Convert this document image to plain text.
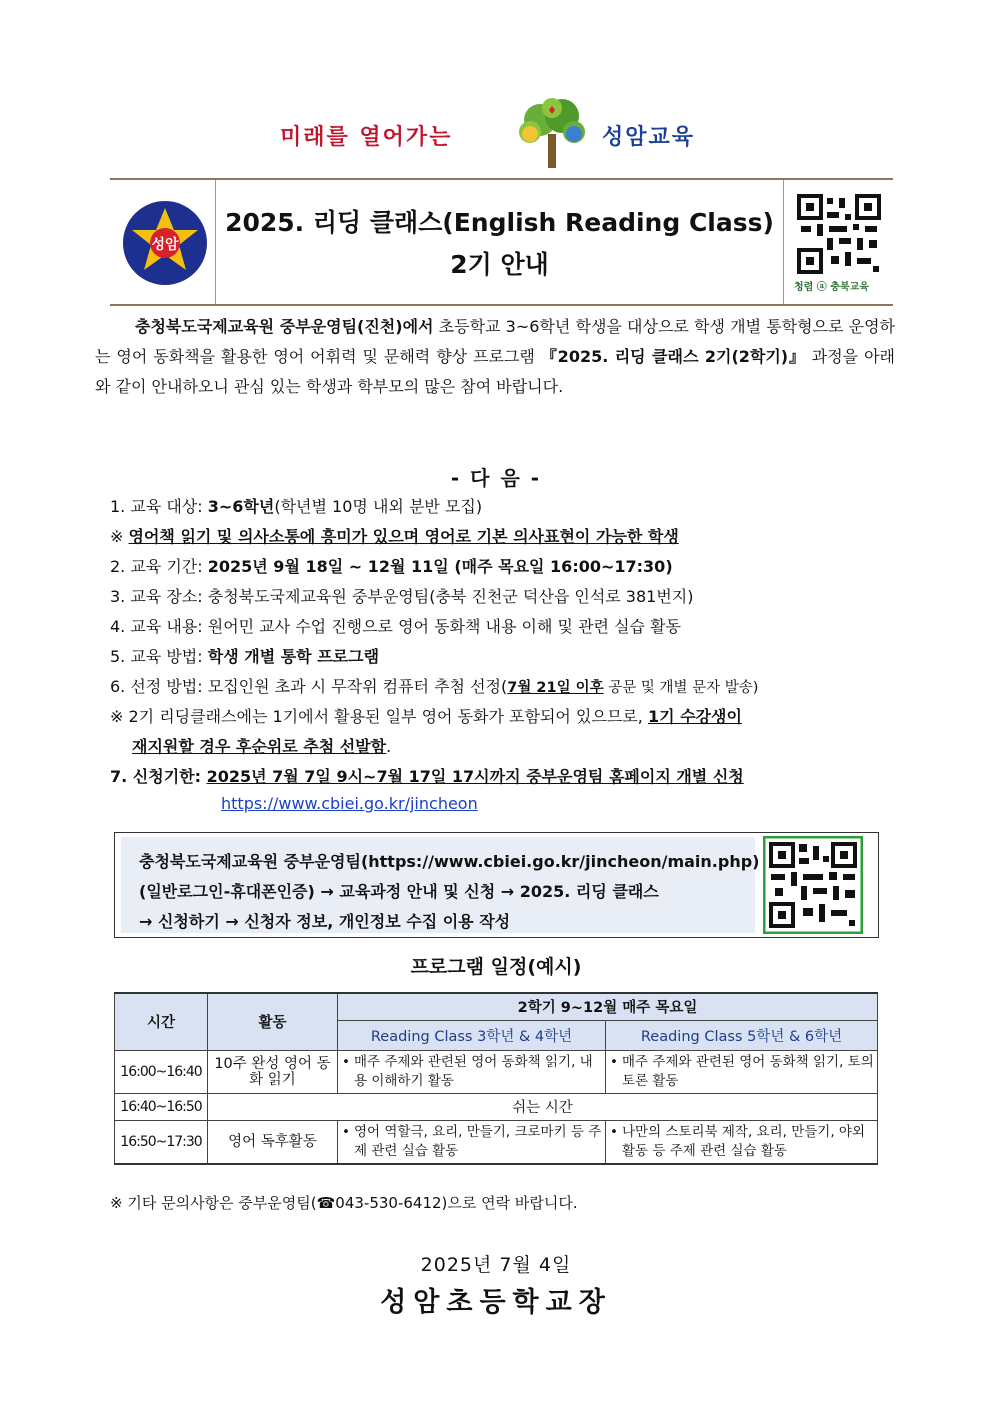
미래를 열어가는	성암교육
성암
2025. 리딩 클래스(English Reading Class)
2기 안내
청렴 ⓐ 충북교육

충청북도국제교육원 중부운영팀(진천)에서 초등학교 3~6학년 학생을 대상으로 학생 개별 통학형으로 운영하는 영어 동화책을 활용한 영어 어휘력 및 문해력 향상 프로그램 『2025. 리딩 클래스 2기(2학기)』 과정을 아래와 같이 안내하오니 관심 있는 학생과 학부모의 많은 참여 바랍니다.

- 다 음 -
1. 교육 대상: 3~6학년(학년별 10명 내외 분반 모집)
※ 영어책 읽기 및 의사소통에 흥미가 있으며 영어로 기본 의사표현이 가능한 학생
2. 교육 기간: 2025년 9월 18일 ~ 12월 11일 (매주 목요일 16:00~17:30)
3. 교육 장소: 충청북도국제교육원 중부운영팀(충북 진천군 덕산읍 인석로 381번지)
4. 교육 내용: 원어민 교사 수업 진행으로 영어 동화책 내용 이해 및 관련 실습 활동
5. 교육 방법: 학생 개별 통학 프로그램
6. 선정 방법: 모집인원 초과 시 무작위 컴퓨터 추첨 선정(7월 21일 이후 공문 및 개별 문자 발송)
※ 2기 리딩클래스에는 1기에서 활용된 일부 영어 동화가 포함되어 있으므로, 1기 수강생이
재지원할 경우 후순위로 추첨 선발함.
7. 신청기한: 2025년 7월 7일 9시~7월 17일 17시까지 중부운영팀 홈페이지 개별 신청
https://www.cbiei.go.kr/jincheon
충청북도국제교육원 중부운영팀(https://www.cbiei.go.kr/jincheon/main.php)
(일반로그인-휴대폰인증) → 교육과정 안내 및 신청 → 2025. 리딩 클래스
→ 신청하기 → 신청자 정보, 개인정보 수집 이용 작성
프로그램 일정(예시)
시간	활동	2학기 9~12월 매주 목요일	
		Reading Class 3학년 & 4학년	Reading Class 5학년 & 6학년
16:00~16:40	10주 완성 영어 동화 읽기	• 매주 주제와 관련된 영어 동화책 읽기, 내용 이해하기 활동	• 매주 주제와 관련된 영어 동화책 읽기, 토의토론 활동
16:40~16:50	쉬는 시간		
16:50~17:30	영어 독후활동	• 영어 역할극, 요리, 만들기, 크로마키 등 주제 관련 실습 활동	• 나만의 스토리북 제작, 요리, 만들기, 야외활동 등 주제 관련 실습 활동
※ 기타 문의사항은 중부운영팀(☎043-530-6412)으로 연락 바랍니다.
2025년 7월 4일
성암초등학교장
